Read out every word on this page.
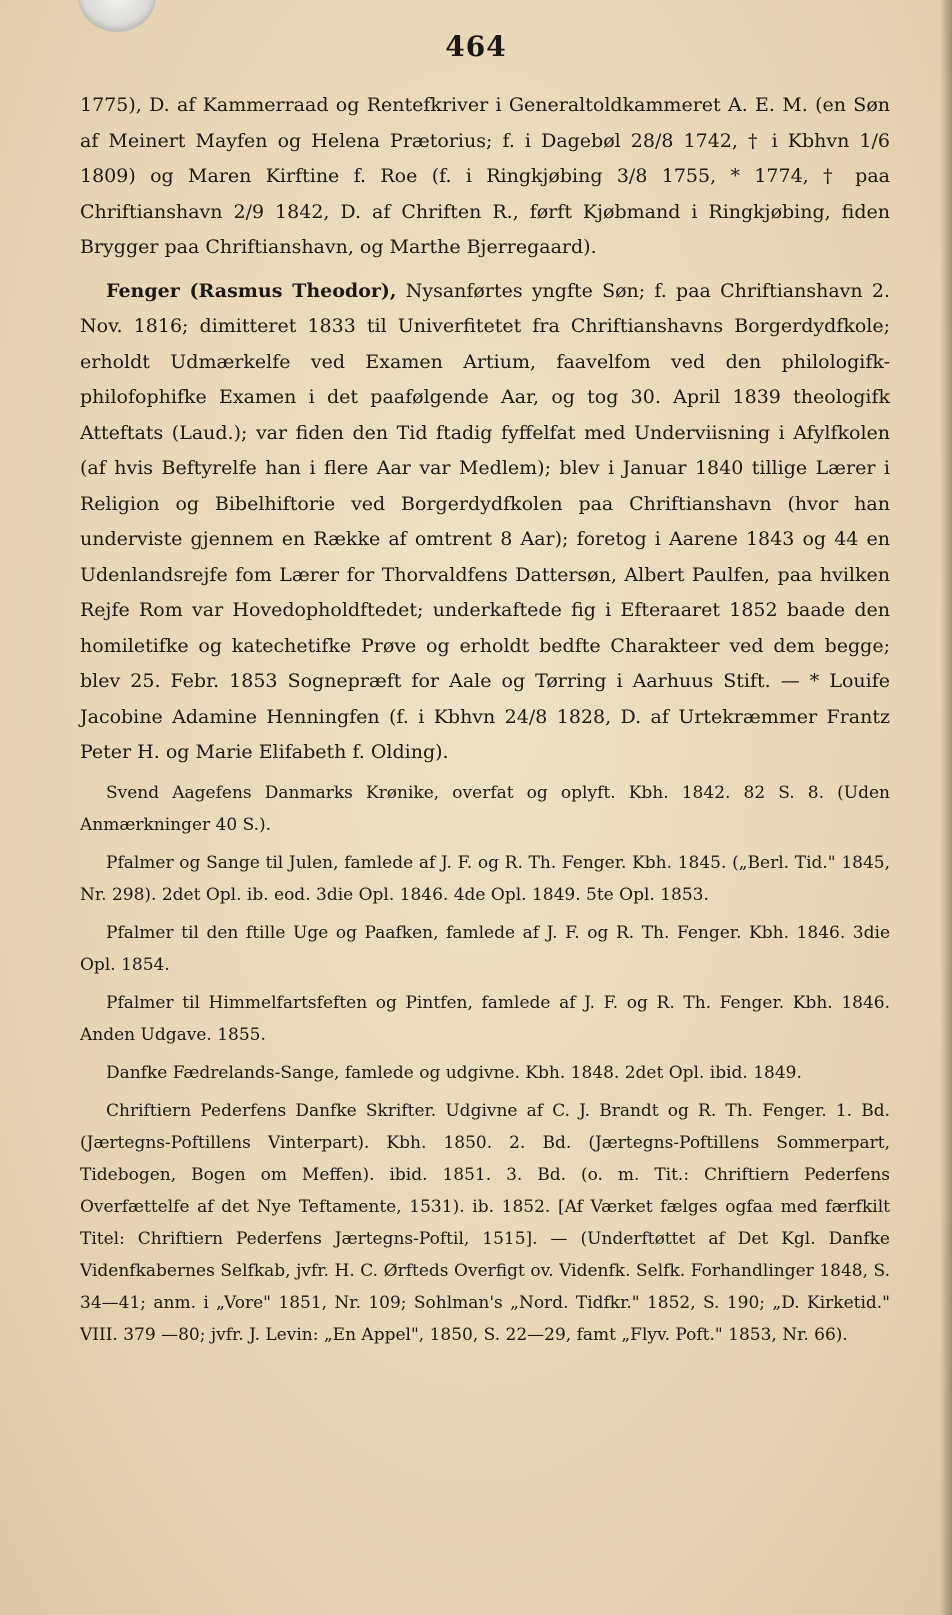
464

1775), D. af Kammerraad og Rentefkriver i Generaltoldkammeret A. E. M. (en Søn af Meinert Mayfen og Helena Prætorius; f. i Dagebøl 28/8 1742, † i Kbhvn 1/6 1809) og Maren Kirftine f. Roe (f. i Ringkjøbing 3/8 1755, * 1774, † paa Chriftianshavn 2/9 1842, D. af Chriften R., førft Kjøbmand i Ringkjøbing, fiden Brygger paa Chriftianshavn, og Marthe Bjerregaard).

Fenger (Rasmus Theodor), Nysanførtes yngfte Søn; f. paa Chriftianshavn 2. Nov. 1816; dimitteret 1833 til Univerfitetet fra Chriftianshavns Borgerdydfkole; erholdt Udmærkelfe ved Examen Artium, faavelfom ved den philologifk-philofophifke Examen i det paafølgende Aar, og tog 30. April 1839 theologifk Atteftats (Laud.); var fiden den Tid ftadig fyffelfat med Underviisning i Afylfkolen (af hvis Beftyrelfe han i flere Aar var Medlem); blev i Januar 1840 tillige Lærer i Religion og Bibelhiftorie ved Borgerdydfkolen paa Chriftianshavn (hvor han underviste gjennem en Række af omtrent 8 Aar); foretog i Aarene 1843 og 44 en Udenlandsrejfe fom Lærer for Thorvaldfens Dattersøn, Albert Paulfen, paa hvilken Rejfe Rom var Hovedopholdftedet; underkaftede fig i Efteraaret 1852 baade den homiletifke og katechetifke Prøve og erholdt bedfte Charakteer ved dem begge; blev 25. Febr. 1853 Sognepræft for Aale og Tørring i Aarhuus Stift. — * Louife Jacobine Adamine Henningfen (f. i Kbhvn 24/8 1828, D. af Urtekræmmer Frantz Peter H. og Marie Elifabeth f. Olding).

Svend Aagefens Danmarks Krønike, overfat og oplyft. Kbh. 1842. 82 S. 8. (Uden Anmærkninger 40 S.).

Pfalmer og Sange til Julen, famlede af J. F. og R. Th. Fenger. Kbh. 1845. („Berl. Tid." 1845, Nr. 298). 2det Opl. ib. eod. 3die Opl. 1846. 4de Opl. 1849. 5te Opl. 1853.

Pfalmer til den ftille Uge og Paafken, famlede af J. F. og R. Th. Fenger. Kbh. 1846. 3die Opl. 1854.

Pfalmer til Himmelfartsfeften og Pintfen, famlede af J. F. og R. Th. Fenger. Kbh. 1846. Anden Udgave. 1855.

Danfke Fædrelands-Sange, famlede og udgivne. Kbh. 1848. 2det Opl. ibid. 1849.

Chriftiern Pederfens Danfke Skrifter. Udgivne af C. J. Brandt og R. Th. Fenger. 1. Bd. (Jærtegns-Poftillens Vinterpart). Kbh. 1850. 2. Bd. (Jærtegns-Poftillens Sommerpart, Tidebogen, Bogen om Meffen). ibid. 1851. 3. Bd. (o. m. Tit.: Chriftiern Pederfens Overfættelfe af det Nye Teftamente, 1531). ib. 1852. [Af Værket fælges ogfaa med færfkilt Titel: Chriftiern Pederfens Jærtegns-Poftil, 1515]. — (Underftøttet af Det Kgl. Danfke Videnfkabernes Selfkab, jvfr. H. C. Ørfteds Overfigt ov. Videnfk. Selfk. Forhandlinger 1848, S. 34—41; anm. i „Vore" 1851, Nr. 109; Sohlman's „Nord. Tidfkr." 1852, S. 190; „D. Kirketid." VIII. 379 —80; jvfr. J. Levin: „En Appel", 1850, S. 22—29, famt „Flyv. Poft." 1853, Nr. 66).
